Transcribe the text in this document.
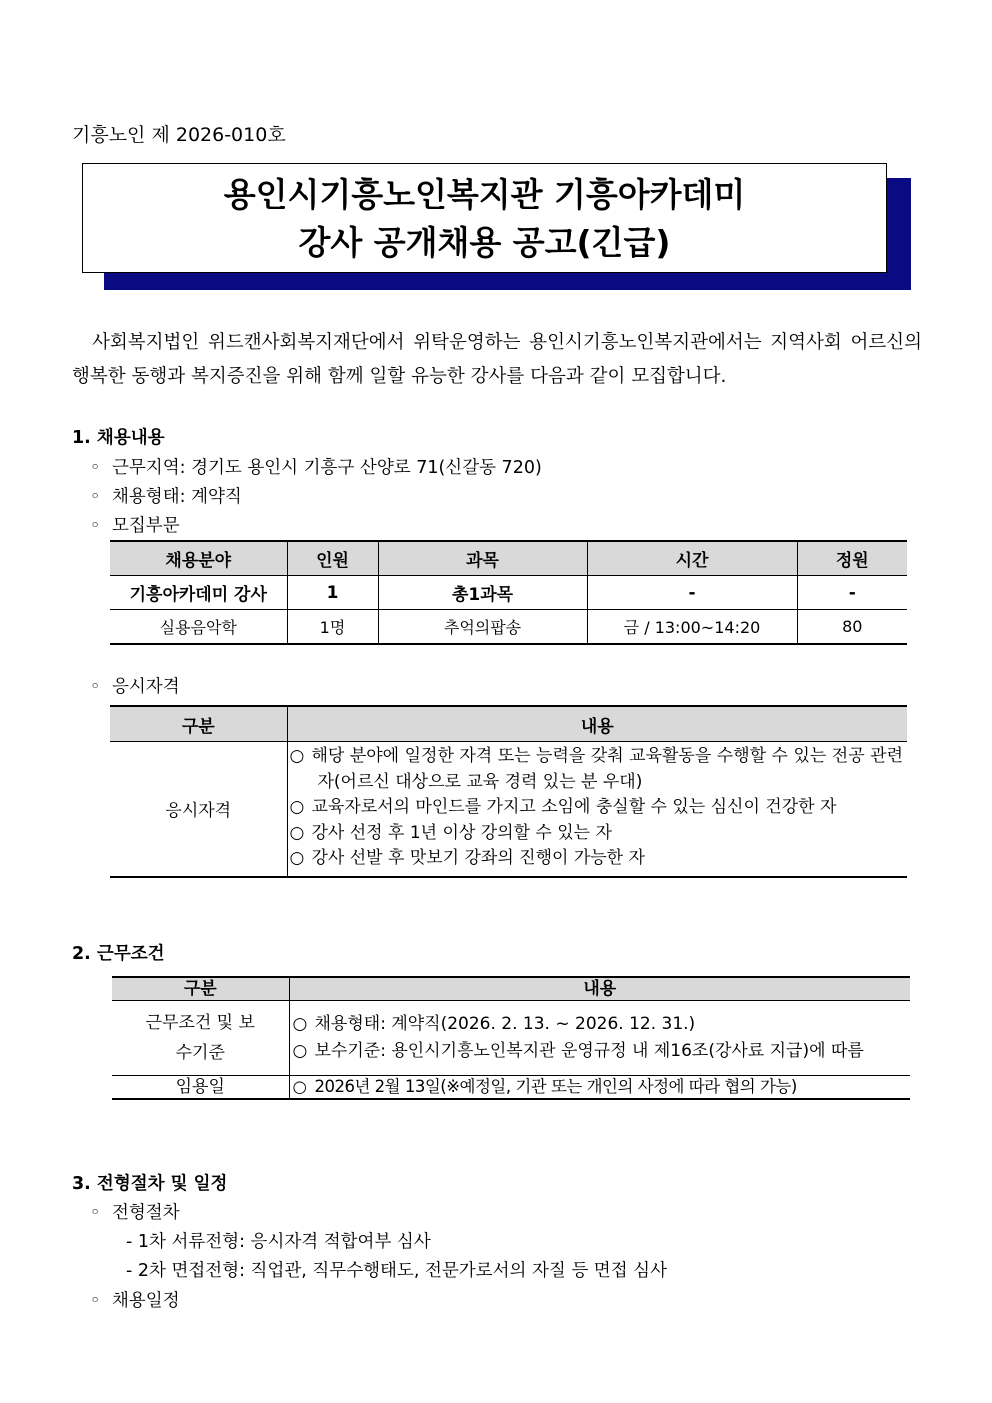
기흥노인 제 2026-010호
용인시기흥노인복지관 기흥아카데미
강사 공개채용 공고(긴급)
사회복지법인 위드캔사회복지재단에서 위탁운영하는 용인시기흥노인복지관에서는 지역사회 어르신의 행복한 동행과 복지증진을 위해 함께 일할 유능한 강사를 다음과 같이 모집합니다.
1. 채용내용
◦ 근무지역: 경기도 용인시 기흥구 산양로 71(신갈동 720)
◦ 채용형태: 계약직
◦ 모집부문
채용분야	인원	과목	시간	정원
기흥아카데미 강사	1	총1과목	-	-
실용음악학	1명	추억의팝송	금 / 13:00~14:20	80
◦ 응시자격
구분	내용
응시자격	○ 해당 분야에 일정한 자격 또는 능력을 갖춰 교육활동을 수행할 수 있는 전공 관련자(어르신 대상으로 교육 경력 있는 분 우대)
○ 교육자로서의 마인드를 가지고 소임에 충실할 수 있는 심신이 건강한 자
○ 강사 선정 후 1년 이상 강의할 수 있는 자
○ 강사 선발 후 맛보기 강좌의 진행이 가능한 자
2. 근무조건
구분	내용

근무조건 및 보수기준	○ 채용형태: 계약직(2026. 2. 13. ~ 2026. 12. 31.)
○ 보수기준: 용인시기흥노인복지관 운영규정 내 제16조(강사료 지급)에 따름

임용일	○ 2026년 2월 13일(※예정일, 기관 또는 개인의 사정에 따라 협의 가능)
3. 전형절차 및 일정
◦ 전형절차
- 1차 서류전형: 응시자격 적합여부 심사
- 2차 면접전형: 직업관, 직무수행태도, 전문가로서의 자질 등 면접 심사
◦ 채용일정
